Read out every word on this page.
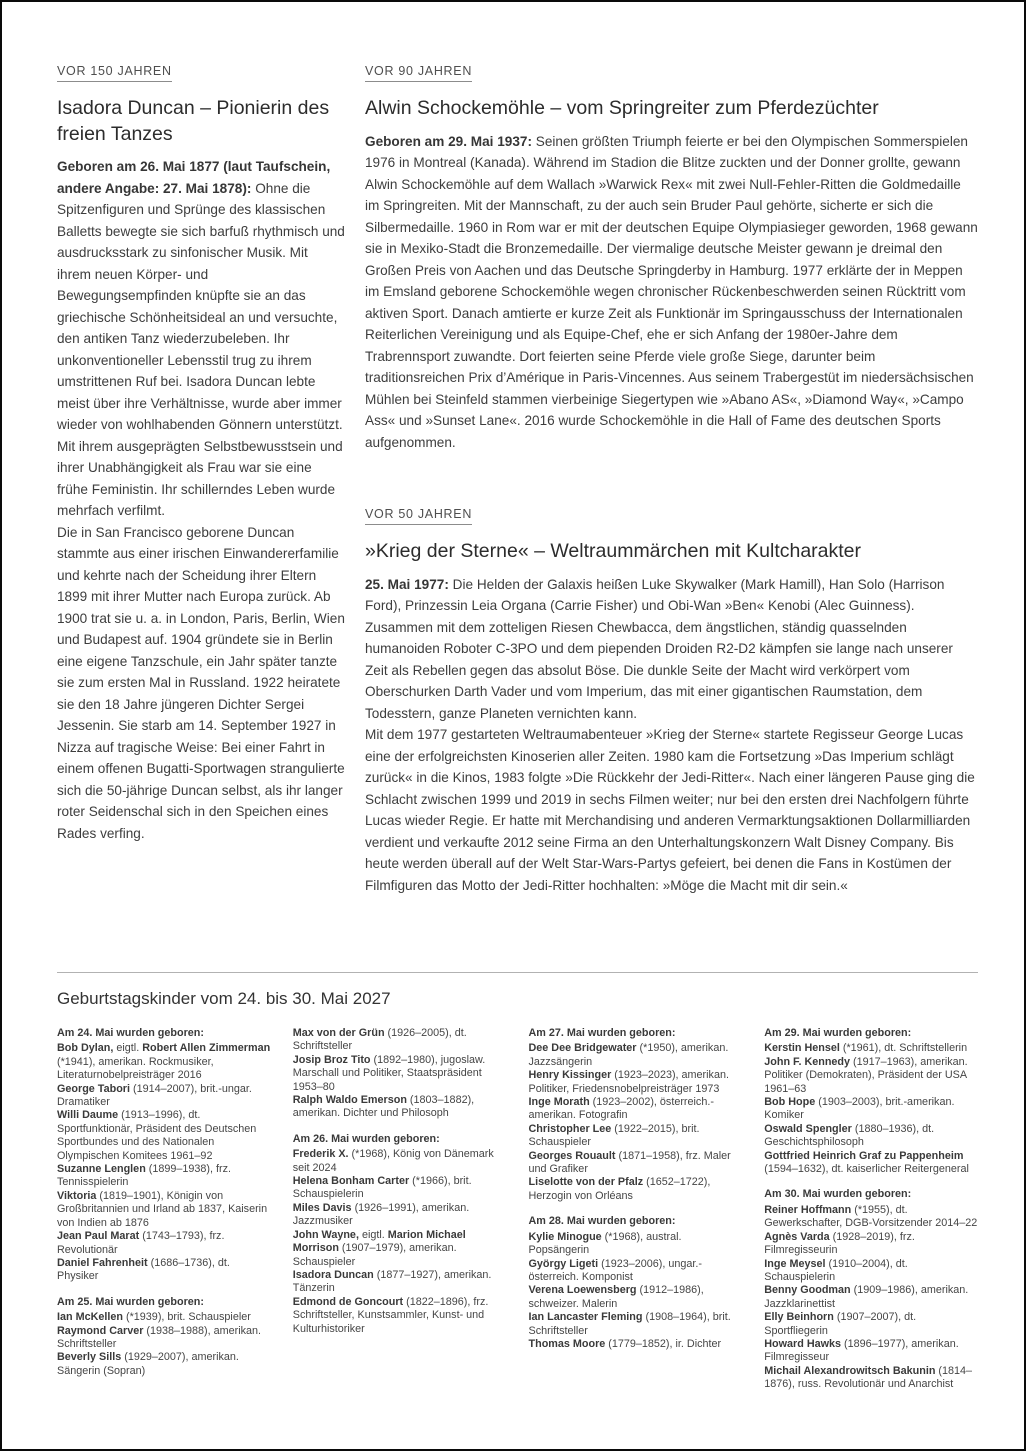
VOR 150 JAHREN
Isadora Duncan – Pionierin des freien Tanzes

Geboren am 26. Mai 1877 (laut Taufschein, andere Angabe: 27. Mai 1878): Ohne die Spitzenfiguren und Sprünge des klassischen Balletts bewegte sie sich barfuß rhythmisch und ausdrucksstark zu sinfonischer Musik. Mit ihrem neuen Körper- und Bewegungsempfinden knüpfte sie an das griechische Schönheitsideal an und versuchte, den antiken Tanz wiederzubeleben. Ihr unkonventioneller Lebensstil trug zu ihrem umstrittenen Ruf bei. Isadora Duncan lebte meist über ihre Verhältnisse, wurde aber immer wieder von wohlhabenden Gönnern unterstützt. Mit ihrem ausgeprägten Selbstbewusstsein und ihrer Unabhängigkeit als Frau war sie eine frühe Feministin. Ihr schillerndes Leben wurde mehrfach verfilmt.

Die in San Francisco geborene Duncan stammte aus einer irischen Einwandererfamilie und kehrte nach der Scheidung ihrer Eltern 1899 mit ihrer Mutter nach Europa zurück. Ab 1900 trat sie u. a. in London, Paris, Berlin, Wien und Budapest auf. 1904 gründete sie in Berlin eine eigene Tanzschule, ein Jahr später tanzte sie zum ersten Mal in Russland. 1922 heiratete sie den 18 Jahre jüngeren Dichter Sergei Jessenin. Sie starb am 14. September 1927 in Nizza auf tragische Weise: Bei einer Fahrt in einem offenen Bugatti-Sportwagen strangulierte sich die 50-jährige Duncan selbst, als ihr langer roter Seidenschal sich in den Speichen eines Rades verfing.

VOR 90 JAHREN
Alwin Schockemöhle – vom Springreiter zum Pferdezüchter

Geboren am 29. Mai 1937: Seinen größten Triumph feierte er bei den Olympischen Sommerspielen 1976 in Montreal (Kanada). Während im Stadion die Blitze zuckten und der Donner grollte, gewann Alwin Schockemöhle auf dem Wallach »Warwick Rex« mit zwei Null-Fehler-Ritten die Goldmedaille im Springreiten. Mit der Mannschaft, zu der auch sein Bruder Paul gehörte, sicherte er sich die Silbermedaille. 1960 in Rom war er mit der deutschen Equipe Olympiasieger geworden, 1968 gewann sie in Mexiko-Stadt die Bronzemedaille. Der viermalige deutsche Meister gewann je dreimal den Großen Preis von Aachen und das Deutsche Springderby in Hamburg. 1977 erklärte der in Meppen im Emsland geborene Schockemöhle wegen chronischer Rückenbeschwerden seinen Rücktritt vom aktiven Sport. Danach amtierte er kurze Zeit als Funktionär im Springausschuss der Internationalen Reiterlichen Vereinigung und als Equipe-Chef, ehe er sich Anfang der 1980er-Jahre dem Trabrennsport zuwandte. Dort feierten seine Pferde viele große Siege, darunter beim traditionsreichen Prix d’Amérique in Paris-Vincennes. Aus seinem Trabergestüt im niedersächsischen Mühlen bei Steinfeld stammen vierbeinige Siegertypen wie »Abano AS«, »Diamond Way«, »Campo Ass« und »Sunset Lane«. 2016 wurde Schockemöhle in die Hall of Fame des deutschen Sports aufgenommen.

VOR 50 JAHREN
»Krieg der Sterne« – Weltraummärchen mit Kultcharakter

25. Mai 1977: Die Helden der Galaxis heißen Luke Skywalker (Mark Hamill), Han Solo (Harrison Ford), Prinzessin Leia Organa (Carrie Fisher) und Obi-Wan »Ben« Kenobi (Alec Guinness). Zusammen mit dem zotteligen Riesen Chewbacca, dem ängstlichen, ständig quasselnden humanoiden Roboter C-3PO und dem piependen Droiden R2-D2 kämpfen sie lange nach unserer Zeit als Rebellen gegen das absolut Böse. Die dunkle Seite der Macht wird verkörpert vom Oberschurken Darth Vader und vom Imperium, das mit einer gigantischen Raumstation, dem Todesstern, ganze Planeten vernichten kann.

Mit dem 1977 gestarteten Weltraumabenteuer »Krieg der Sterne« startete Regisseur George Lucas eine der erfolgreichsten Kinoserien aller Zeiten. 1980 kam die Fortsetzung »Das Imperium schlägt zurück« in die Kinos, 1983 folgte »Die Rückkehr der Jedi-Ritter«. Nach einer längeren Pause ging die Schlacht zwischen 1999 und 2019 in sechs Filmen weiter; nur bei den ersten drei Nachfolgern führte Lucas wieder Regie. Er hatte mit Merchandising und anderen Vermarktungsaktionen Dollarmilliarden verdient und verkaufte 2012 seine Firma an den Unterhaltungskonzern Walt Disney Company. Bis heute werden überall auf der Welt Star-Wars-Partys gefeiert, bei denen die Fans in Kostümen der Filmfiguren das Motto der Jedi-Ritter hochhalten: »Möge die Macht mit dir sein.«

Geburtstagskinder vom 24. bis 30. Mai 2027
Am 24. Mai wurden geboren:
Bob Dylan, eigtl. Robert Allen Zimmerman (*1941), amerikan. Rockmusiker, Literaturnobelpreisträger 2016
George Tabori (1914–2007), brit.-ungar. Dramatiker
Willi Daume (1913–1996), dt. Sportfunktionär, Präsident des Deutschen Sportbundes und des Nationalen Olympischen Komitees 1961–92
Suzanne Lenglen (1899–1938), frz. Tennisspielerin
Viktoria (1819–1901), Königin von Großbritannien und Irland ab 1837, Kaiserin von Indien ab 1876
Jean Paul Marat (1743–1793), frz. Revolutionär
Daniel Fahrenheit (1686–1736), dt. Physiker
Am 25. Mai wurden geboren:
Ian McKellen (*1939), brit. Schauspieler
Raymond Carver (1938–1988), amerikan. Schriftsteller
Beverly Sills (1929–2007), amerikan. Sängerin (Sopran)
Max von der Grün (1926–2005), dt. Schriftsteller
Josip Broz Tito (1892–1980), jugoslaw. Marschall und Politiker, Staatspräsident 1953–80
Ralph Waldo Emerson (1803–1882), amerikan. Dichter und Philosoph
Am 26. Mai wurden geboren:
Frederik X. (*1968), König von Dänemark seit 2024
Helena Bonham Carter (*1966), brit. Schauspielerin
Miles Davis (1926–1991), amerikan. Jazzmusiker
John Wayne, eigtl. Marion Michael Morrison (1907–1979), amerikan. Schauspieler
Isadora Duncan (1877–1927), amerikan. Tänzerin
Edmond de Goncourt (1822–1896), frz. Schriftsteller, Kunstsammler, Kunst- und Kulturhistoriker
Am 27. Mai wurden geboren:
Dee Dee Bridgewater (*1950), amerikan. Jazzsängerin
Henry Kissinger (1923–2023), amerikan. Politiker, Friedensnobelpreisträger 1973
Inge Morath (1923–2002), österreich.-amerikan. Fotografin
Christopher Lee (1922–2015), brit. Schauspieler
Georges Rouault (1871–1958), frz. Maler und Grafiker
Liselotte von der Pfalz (1652–1722), Herzogin von Orléans
Am 28. Mai wurden geboren:
Kylie Minogue (*1968), austral. Popsängerin
György Ligeti (1923–2006), ungar.-österreich. Komponist
Verena Loewensberg (1912–1986), schweizer. Malerin
Ian Lancaster Fleming (1908–1964), brit. Schriftsteller
Thomas Moore (1779–1852), ir. Dichter
Am 29. Mai wurden geboren:
Kerstin Hensel (*1961), dt. Schriftstellerin
John F. Kennedy (1917–1963), amerikan. Politiker (Demokraten), Präsident der USA 1961–63
Bob Hope (1903–2003), brit.-amerikan. Komiker
Oswald Spengler (1880–1936), dt. Geschichtsphilosoph
Gottfried Heinrich Graf zu Pappenheim (1594–1632), dt. kaiserlicher Reitergeneral
Am 30. Mai wurden geboren:
Reiner Hoffmann (*1955), dt. Gewerkschafter, DGB-Vorsitzender 2014–22
Agnès Varda (1928–2019), frz. Filmregisseurin
Inge Meysel (1910–2004), dt. Schauspielerin
Benny Goodman (1909–1986), amerikan. Jazzklarinettist
Elly Beinhorn (1907–2007), dt. Sportfliegerin
Howard Hawks (1896–1977), amerikan. Filmregisseur
Michail Alexandrowitsch Bakunin (1814–1876), russ. Revolutionär und Anarchist
